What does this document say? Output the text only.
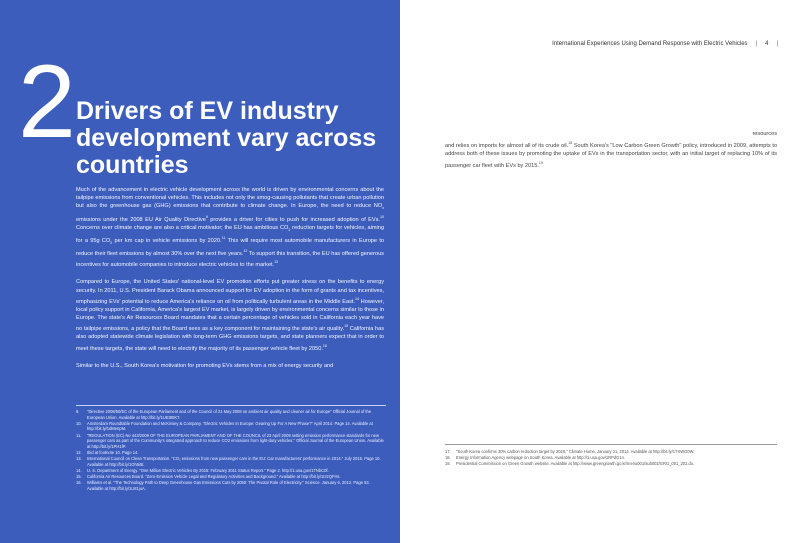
2 Drivers of EV industry development vary across countries

Much of the advancement in electric vehicle development across the world is driven by environmental concerns about the tailpipe emissions from conventional vehicles. This includes not only the smog-causing pollutants that create urban pollution but also the greenhouse gas (GHG) emissions that contribute to climate change. In Europe, the need to reduce $NO_x$ emissions under the 2008 EU Air Quality Directive$^9$ provides a driver for cities to push for increased adoption of EVs.$^{10}$ Concerns over climate change are also a critical motivator; the EU has ambitious $CO_2$ reduction targets for vehicles, aiming for a 95g $CO_2$ per km cap in vehicle emissions by 2020.11 This will require most automobile manufacturers in Europe to reduce their fleet emissions by almost 30% over the next five years.$^{12}$ To support this transition, the EU has offered generous incentives for automobile companies to introduce electric vehicles to the market.$^{13}$

Compared to Europe, the United States' national-level EV promotion efforts put greater stress on the benefits to energy security. In 2011, U.S. President Barack Obama announced support for EV adoption in the form of grants and tax incentives, emphasizing EVs' potential to reduce America's reliance on oil from politically turbulent areas in the Middle East.$^{14}$ However, local policy support in California, America's largest EV market, is largely driven by environmental concerns similar to those in Europe. The state's Air Resources Board mandates that a certain percentage of vehicles sold in California each year have no tailpipe emissions, a policy that the Board sees as a key component for maintaining the state's air quality.$^{15}$ California has also adopted statewide climate legislation with long-term GHG emissions targets, and state planners expect that in order to meet these targets, the state will need to electrify the majority of its passenger vehicle fleet by 2050.16

Similar to the U.S., South Korea's motivation for promoting EVs stems from a mix of energy security and

9.	"Directive 2008/50/EC of the European Parliament and of the Council of 21 May 2008 on ambient air quality and cleaner air for Europe" Official Journal of the European Union. Available at http://bit.ly/1UEt80KT.
10.	Amsterdam Roundtable Foundation and McKinsey & Company. "Electric Vehicles In Europe: Gearing Up For A New Phase?" April 2014. Page 14. Available at http://bit.ly/1dMenpM.
11.	"REGULATION (EC) No 443/2009 OF THE EUROPEAN PARLIAMENT AND OF THE COUNCIL of 23 April 2009 setting emission performance standards for new passenger cars as part of the Community's integrated approach to reduce CO2 emissions from light-duty vehicles." Official Journal of the European Union. Available at http://bit.ly/1PH1fP.
12.	Ibid at footnote 10. Page 14.
13.	International Council on Clean Transportation. "CO₂ emissions from new passenger cars in the EU: Car manufacturers' performance in 2014." July 2015. Page 10. Available at http://bit.ly/1Oh5i5t.
14.	U. S. Department of Energy. "One Million Electric Vehicles By 2015: February 2011 Status Report." Page 2. http://1.usa.gov/1TNbC0f.
15.	California Air Resources Board. "Zero-Emission Vehicle Legal and Regulatory Activities and Background." Available at http://bit.ly/1I3zQFHs.
16.	Williams et al. "The Technology Path to Deep Greenhouse Gas Emissions Cuts by 2050: The Pivotal Role of Electricity." Science. January 6, 2012. Page 53. Available at http://bit.ly/1U81juA.
International Experiences Using Demand Response with Electric Vehicles | 4 |

resources

and relies on imports for almost all of its crude oil.$^{18}$ South Korea's "Low Carbon Green Growth" policy, introduced in 2009, attempts to address both of these issues by promoting the uptake of EVs in the transportation sector, with an initial target of replacing 10% of its passenger car fleet with EVs by 2015.19

17.	"South Korea confirms 30% carbon reduction target by 2020." Climate Home. January 21, 2014. Available at http://bit.ly/1TXWG0W.
18.	Energy Information Agency webpage on South Korea. Available at http://1.usa.gov/1RPdG1n.
19.	Presidential Commission on Green Growth website. Available at http://www.greengrowth.go.kr/menu001/sub002/GRG_001_202.do.
